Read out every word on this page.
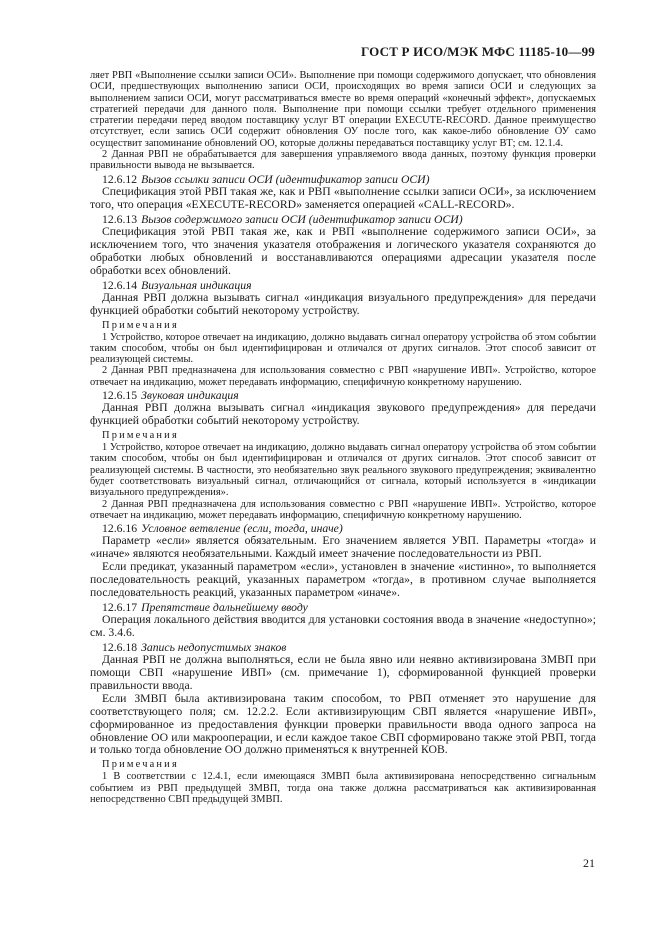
ГОСТ Р ИСО/МЭК МФС 11185-10—99

ляет РВП «Выполнение ссылки записи ОСИ». Выполнение при помощи содержимого допускает, что обновления ОСИ, предшествующих выполнению записи ОСИ, происходящих во время записи ОСИ и следующих за выполнением записи ОСИ, могут рассматриваться вместе во время операций «конечный эффект», допускаемых стратегией передачи для данного поля. Выполнение при помощи ссылки требует отдельного применения стратегии передачи перед вводом поставщику услуг ВТ операции EXECUTE-RECORD. Данное преимущество отсутствует, если запись ОСИ содержит обновления ОУ после того, как какое-либо обновление ОУ само осуществит запоминание обновлений ОО, которые должны передаваться поставщику услуг ВТ; см. 12.1.4.

2 Данная РВП не обрабатывается для завершения управляемого ввода данных, поэтому функция проверки правильности вывода не вызывается.

12.6.12 Вызов ссылки записи ОСИ (идентификатор записи ОСИ)

Спецификация этой РВП такая же, как и РВП «выполнение ссылки записи ОСИ», за исключением того, что операция «EXECUTE-RECORD» заменяется операцией «CALL-RECORD».

12.6.13 Вызов содержимого записи ОСИ (идентификатор записи ОСИ)

Спецификация этой РВП такая же, как и РВП «выполнение содержимого записи ОСИ», за исключением того, что значения указателя отображения и логического указателя сохраняются до обработки любых обновлений и восстанавливаются операциями адресации указателя после обработки всех обновлений.

12.6.14 Визуальная индикация

Данная РВП должна вызывать сигнал «индикация визуального предупреждения» для передачи функцией обработки событий некоторому устройству.

Примечания

1 Устройство, которое отвечает на индикацию, должно выдавать сигнал оператору устройства об этом событии таким способом, чтобы он был идентифицирован и отличался от других сигналов. Этот способ зависит от реализующей системы.

2 Данная РВП предназначена для использования совместно с РВП «нарушение ИВП». Устройство, которое отвечает на индикацию, может передавать информацию, специфичную конкретному нарушению.

12.6.15 Звуковая индикация

Данная РВП должна вызывать сигнал «индикация звукового предупреждения» для передачи функцией обработки событий некоторому устройству.

Примечания

1 Устройство, которое отвечает на индикацию, должно выдавать сигнал оператору устройства об этом событии таким способом, чтобы он был идентифицирован и отличался от других сигналов. Этот способ зависит от реализующей системы. В частности, это необязательно звук реального звукового предупреждения; эквивалентно будет соответствовать визуальный сигнал, отличающийся от сигнала, который используется в «индикации визуального предупреждения».

2 Данная РВП предназначена для использования совместно с РВП «нарушение ИВП». Устройство, которое отвечает на индикацию, может передавать информацию, специфичную конкретному нарушению.

12.6.16 Условное ветвление (если, тогда, иначе)

Параметр «если» является обязательным. Его значением является УВП. Параметры «тогда» и «иначе» являются необязательными. Каждый имеет значение последовательности из РВП.

Если предикат, указанный параметром «если», установлен в значение «истинно», то выполняется последовательность реакций, указанных параметром «тогда», в противном случае выполняется последовательность реакций, указанных параметром «иначе».

12.6.17 Препятствие дальнейшему вводу

Операция локального действия вводится для установки состояния ввода в значение «недоступно»; см. 3.4.6.

12.6.18 Запись недопустимых знаков

Данная РВП не должна выполняться, если не была явно или неявно активизирована ЗМВП при помощи СВП «нарушение ИВП» (см. примечание 1), сформированной функцией проверки правильности ввода.

Если ЗМВП была активизирована таким способом, то РВП отменяет это нарушение для соответствующего поля; см. 12.2.2. Если активизирующим СВП является «нарушение ИВП», сформированное из предоставления функции проверки правильности ввода одного запроса на обновление ОО или макрооперации, и если каждое такое СВП сформировано также этой РВП, тогда и только тогда обновление ОО должно применяться к внутренней КОВ.

Примечания

1 В соответствии с 12.4.1, если имеющаяся ЗМВП была активизирована непосредственно сигнальным событием из РВП предыдущей ЗМВП, тогда она также должна рассматриваться как активизированная непосредственно СВП предыдущей ЗМВП.

21
